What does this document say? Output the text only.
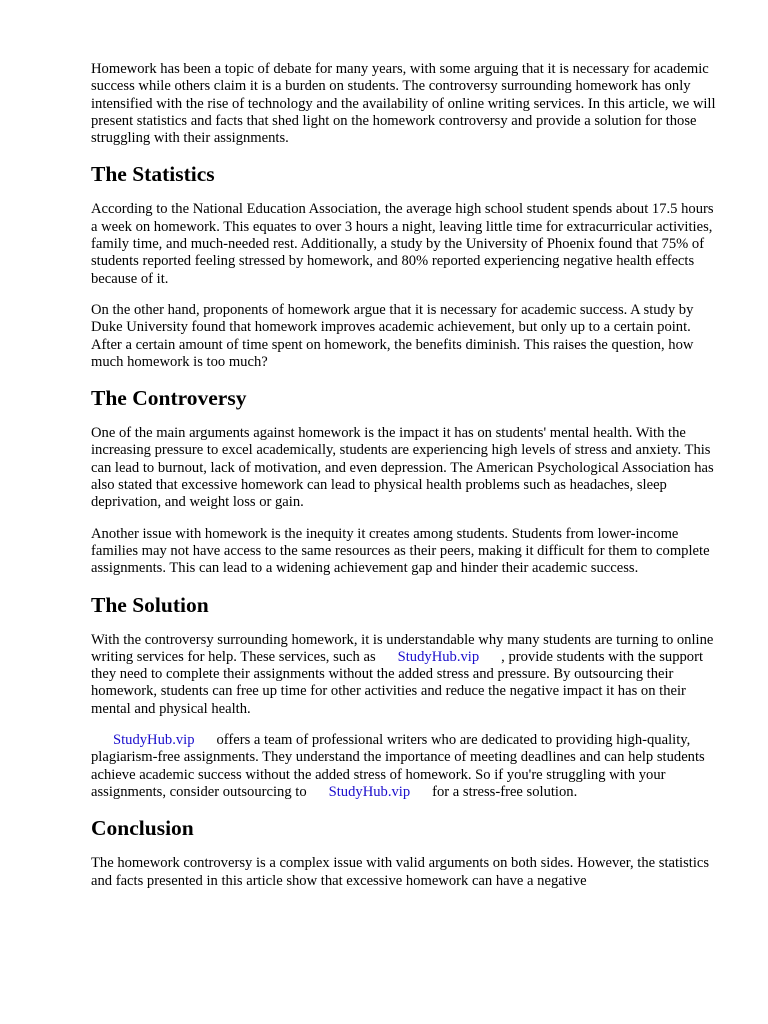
Homework has been a topic of debate for many years, with some arguing that it is necessary for academic success while others claim it is a burden on students. The controversy surrounding homework has only intensified with the rise of technology and the availability of online writing services. In this article, we will present statistics and facts that shed light on the homework controversy and provide a solution for those struggling with their assignments.

The Statistics

According to the National Education Association, the average high school student spends about 17.5 hours a week on homework. This equates to over 3 hours a night, leaving little time for extracurricular activities, family time, and much-needed rest. Additionally, a study by the University of Phoenix found that 75% of students reported feeling stressed by homework, and 80% reported experiencing negative health effects because of it.

On the other hand, proponents of homework argue that it is necessary for academic success. A study by Duke University found that homework improves academic achievement, but only up to a certain point. After a certain amount of time spent on homework, the benefits diminish. This raises the question, how much homework is too much?

The Controversy

One of the main arguments against homework is the impact it has on students' mental health. With the increasing pressure to excel academically, students are experiencing high levels of stress and anxiety. This can lead to burnout, lack of motivation, and even depression. The American Psychological Association has also stated that excessive homework can lead to physical health problems such as headaches, sleep deprivation, and weight loss or gain.

Another issue with homework is the inequity it creates among students. Students from lower-income families may not have access to the same resources as their peers, making it difficult for them to complete assignments. This can lead to a widening achievement gap and hinder their academic success.

The Solution

With the controversy surrounding homework, it is understandable why many students are turning to online writing services for help. These services, such as StudyHub.vip , provide students with the support they need to complete their assignments without the added stress and pressure. By outsourcing their homework, students can free up time for other activities and reduce the negative impact it has on their mental and physical health.

StudyHub.vip offers a team of professional writers who are dedicated to providing high-quality, plagiarism-free assignments. They understand the importance of meeting deadlines and can help students achieve academic success without the added stress of homework. So if you're struggling with your assignments, consider outsourcing to StudyHub.vip for a stress-free solution.

Conclusion

The homework controversy is a complex issue with valid arguments on both sides. However, the statistics and facts presented in this article show that excessive homework can have a negative
